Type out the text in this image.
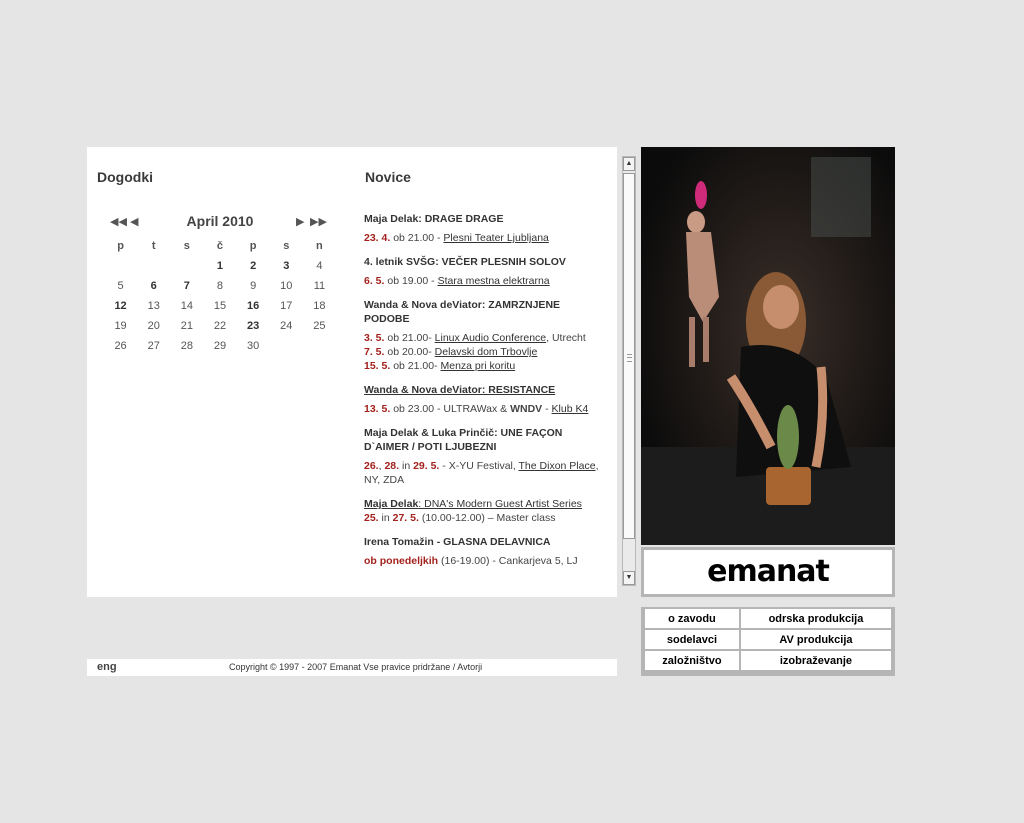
Dogodki	Novice
◀◀ ◀	April 2010	▶ ▶▶
p	t	s	č	p	s	n
			1	2	3	4
5	6	7	8	9	10	11
12	13	14	15	16	17	18
19	20	21	22	23	24	25
26	27	28	29	30		
Maja Delak: DRAGE DRAGE
23. 4. ob 21.00 - Plesni Teater Ljubljana
4. letnik SVŠG: VEČER PLESNIH SOLOV
6. 5. ob 19.00 - Stara mestna elektrarna
Wanda & Nova deViator: ZAMRZNJENE PODOBE
3. 5. ob 21.00- Linux Audio Conference, Utrecht
7. 5. ob 20.00- Delavski dom Trbovlje
15. 5. ob 21.00- Menza pri koritu
Wanda & Nova deViator: RESISTANCE
13. 5. ob 23.00 - ULTRAWax & WNDV - Klub K4
Maja Delak & Luka Prinčič: UNE FAÇON D`AIMER / POTI LJUBEZNI
26., 28. in 29. 5. - X-YU Festival, The Dixon Place, NY, ZDA
Maja Delak: DNA's Modern Guest Artist Series
25. in 27. 5. (10.00-12.00) – Master class
Irena Tomažin - GLASNA DELAVNICA
ob ponedeljkih (16-19.00) - Cankarjeva 5, LJ
▲
▼	emanat
o zavodu	odrska produkcija
sodelavci	AV produkcija
založništvo	izobraževanje
eng	Copyright © 1997 - 2007 Emanat Vse pravice pridržane / Avtorji
